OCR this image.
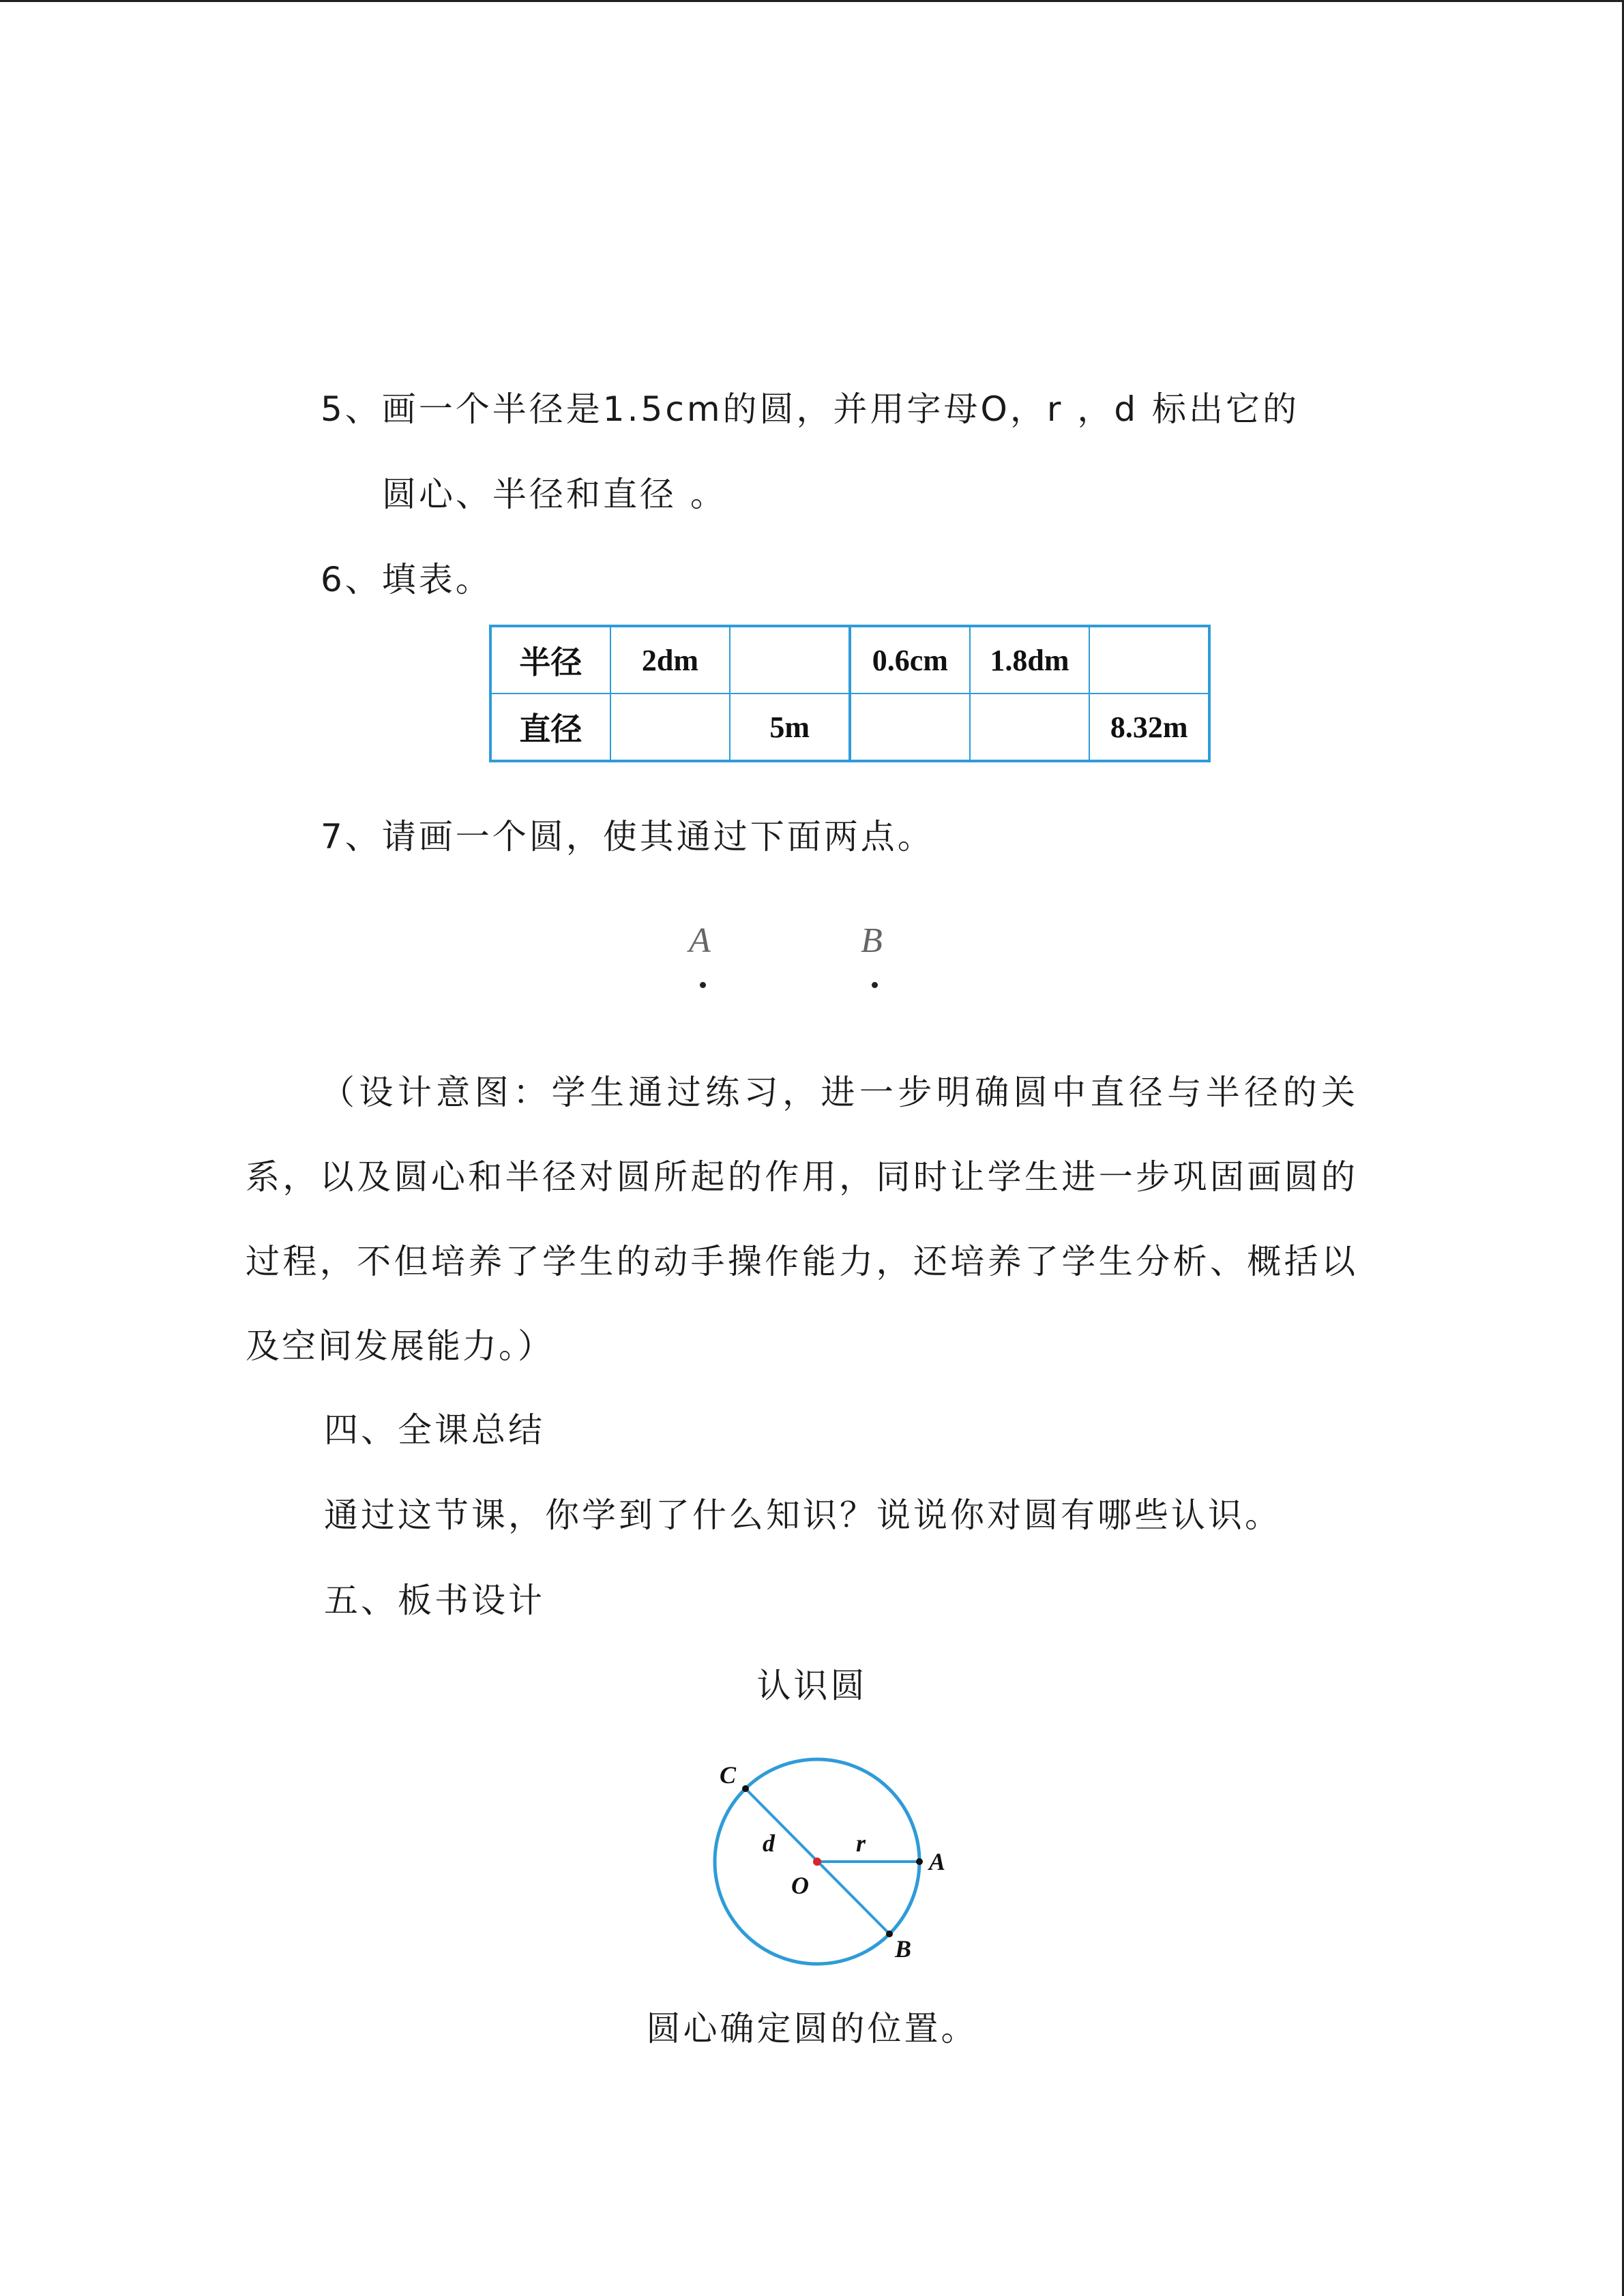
5、画一个半径是1.5cm的圆，并用字母O，r ，d 标出它的
圆心、半径和直径 。
6、填表。
半径	2dm		0.6cm	1.8dm	
直径		5m			8.32m
7、请画一个圆，使其通过下面两点。
A	B
（设计意图：学生通过练习，进一步明确圆中直径与半径的关系，以及圆心和半径对圆所起的作用，同时让学生进一步巩固画圆的过程，不但培养了学生的动手操作能力，还培养了学生分析、概括以及空间发展能力。）
四、全课总结
通过这节课，你学到了什么知识？说说你对圆有哪些认识。
五、板书设计
认识圆
C
d	r
O
A
B
圆心确定圆的位置。
